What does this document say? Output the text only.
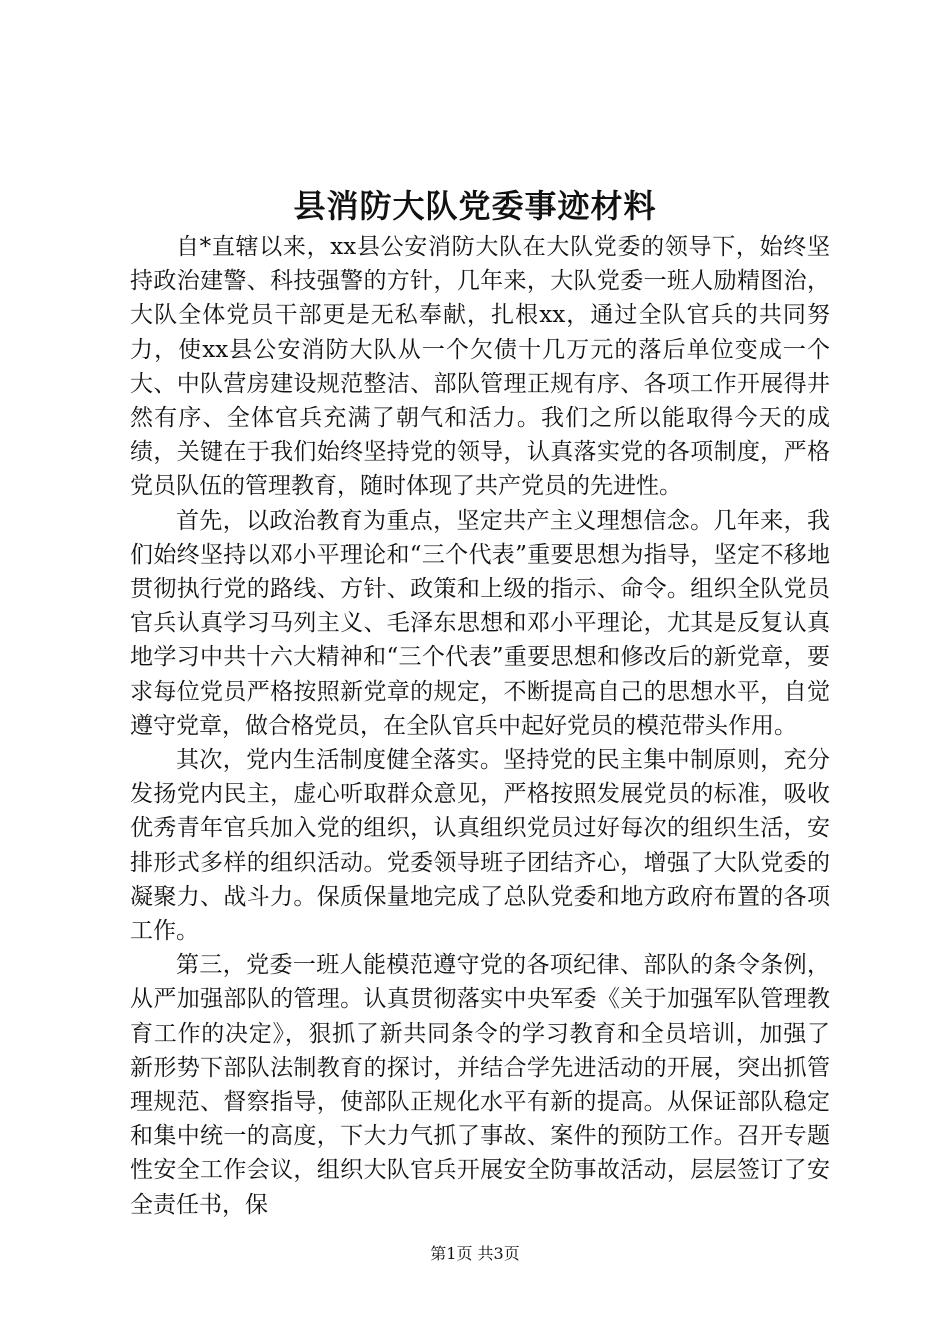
县消防大队党委事迹材料

自*直辖以来，xx县公安消防大队在大队党委的领导下，始终坚持政治建警、科技强警的方针，几年来，大队党委一班人励精图治，大队全体党员干部更是无私奉献，扎根xx，通过全队官兵的共同努力，使xx县公安消防大队从一个欠债十几万元的落后单位变成一个大、中队营房建设规范整洁、部队管理正规有序、各项工作开展得井然有序、全体官兵充满了朝气和活力。我们之所以能取得今天的成绩，关键在于我们始终坚持党的领导，认真落实党的各项制度，严格党员队伍的管理教育，随时体现了共产党员的先进性。

首先，以政治教育为重点，坚定共产主义理想信念。几年来，我们始终坚持以邓小平理论和“三个代表”重要思想为指导，坚定不移地贯彻执行党的路线、方针、政策和上级的指示、命令。组织全队党员官兵认真学习马列主义、毛泽东思想和邓小平理论，尤其是反复认真地学习中共十六大精神和“三个代表”重要思想和修改后的新党章，要求每位党员严格按照新党章的规定，不断提高自己的思想水平，自觉遵守党章，做合格党员，在全队官兵中起好党员的模范带头作用。

其次，党内生活制度健全落实。坚持党的民主集中制原则，充分发扬党内民主，虚心听取群众意见，严格按照发展党员的标准，吸收优秀青年官兵加入党的组织，认真组织党员过好每次的组织生活，安排形式多样的组织活动。党委领导班子团结齐心，增强了大队党委的凝聚力、战斗力。保质保量地完成了总队党委和地方政府布置的各项工作。

第三，党委一班人能模范遵守党的各项纪律、部队的条令条例，从严加强部队的管理。认真贯彻落实中央军委《关于加强军队管理教育工作的决定》，狠抓了新共同条令的学习教育和全员培训，加强了新形势下部队法制教育的探讨，并结合学先进活动的开展，突出抓管理规范、督察指导，使部队正规化水平有新的提高。从保证部队稳定和集中统一的高度，下大力气抓了事故、案件的预防工作。召开专题性安全工作会议，组织大队官兵开展安全防事故活动，层层签订了安全责任书，保

第1页 共3页
